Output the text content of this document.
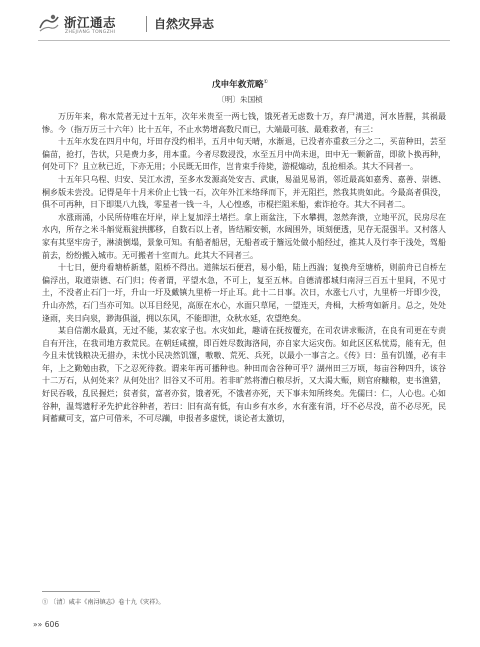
浙江通志
ZHEJIANG TONGZHI
自然灾异志
戊申年救荒略①
〔明〕朱国桢

万历年来，称水荒者无过十五年，次年米贵至一两七钱，饿死者无虑数十万，弃尸满道，河水皆腥，其祸最惨。今（指万历三十六年）比十五年，不止水势增高数尺而已，大端最可骇、最难救者，有三：

十五年水发在四月中旬，圩田存没约相半，五月中旬天晴，水渐退，已没者亦重救三分之二，买苗种田，芸至偏苗，抢打，告状，只是费力多，用本重。今者尽数浸没，水至五月中尚未退，田中无一颗新苗，即欲卜换再种，何处可下？且立秋已近，下亦无用；小民既无田作，岂肯束手待毙，游棍煽动，乱抢相杀。其大不同者一。

十五年只乌程、归安、吴江水涝，至多水发源高处安吉、武康，易溢见易消，邻近最高如嘉秀、嘉善、崇德、桐乡版未尝没。记得是年十月米价止七钱一石，次年外江米络绎而下，并无阻拦，然我其贵如此。今最高者俱没，俱不可再种，日下即渠八九钱，零星者一钱一斗，人心惶惑，市棍拦阻米船，索诈抢夺。其大不同者二。

水涨雨涌，小民所侍唯在圩岸，岸上复加浮土堵拦。拿上雨盆注，下水攀拥，忽然奔溃，立地平沉，民房尽在水内，所存之米斗斛觉瓶瓮拱挪移，自数石以上者，皆结厢安顿，水阔围外，顷刻便透，见存无混强半。又村落人家有其坚牢房子，淋渍倒塌，景象可知。有船者船居，无船者或于簷远处做小船经过，推其人及行李于浅处，驾船前去，纷纷搬入城市。无可搬者十室而九。此其大不同者三。

十七日，便舟看塘桥新墓，阻桥不得出。道熊坛石便君，易小船，陆上西湍；复换舟至塘桥，则前舟已自桥左偏浮出，取道崇德、石门归；传者谓，平望水急，不可上，复至五林。自德清郡城归南浔三百五十里间，不见寸土，不没者止石门一圩，升山一圩及戴镇九里桥一圩止耳。此十二日事。次日，水涨七八寸，九里桥一圩即少没，升山亦然，石门当亦可知。以耳目经见，高原在水心，水面只草尾，一望连天，舟楫，大桥弯如新月。总之，处处逢雨，夹日向泉，渺海俱溢，拥以东风，不能即泄，众秋水延，农望绝矣。

某自信潮水最真，无过不能，某农家子也。水灾如此，趣请在抚按覆充，在司农讲求赈济，在良有司更在专责自有开注，在我司地方救荒民。在朝廷咸擅，即百姓尽数海洛间，亦自家大运灾伤。如此区区私忧焉，能有无，但今且未忧钱粮决无措办，未忧小民决然饥馑，嗷嗷、荒死、兵死，以最小一事言之。《传》曰：虽有饥馑，必有丰年，上之勤勉由救，下之忍死待救。谓来年再可播种也。种田而舍谷种可乎？湖州田三万顷，每亩谷种四升，该谷十二万石，从何处来？从何处出？旧谷又不可用。若非旷然将漕白粮尽折，又大渴大赈，则官府糠粮，吏书渔猎，好民吞吸，乱民握烂；贫者贫，富者亦贫，饿者死，不饿者亦死，天下事未知所终矣。先儒曰：仁，人心也。心如谷种，温驾遗籽矛先护此谷种者，若曰：旧有高有低，有山乡有水乡，水有涨有消，圩不必尽没，苗不必尽死，民间蓄藏可支，富户可借米，不可尽躏，申报者多虚恍，谈论者太激切，

① 〔清〕咸丰《南浔镇志》卷十九《灾祥》。
»» 606
